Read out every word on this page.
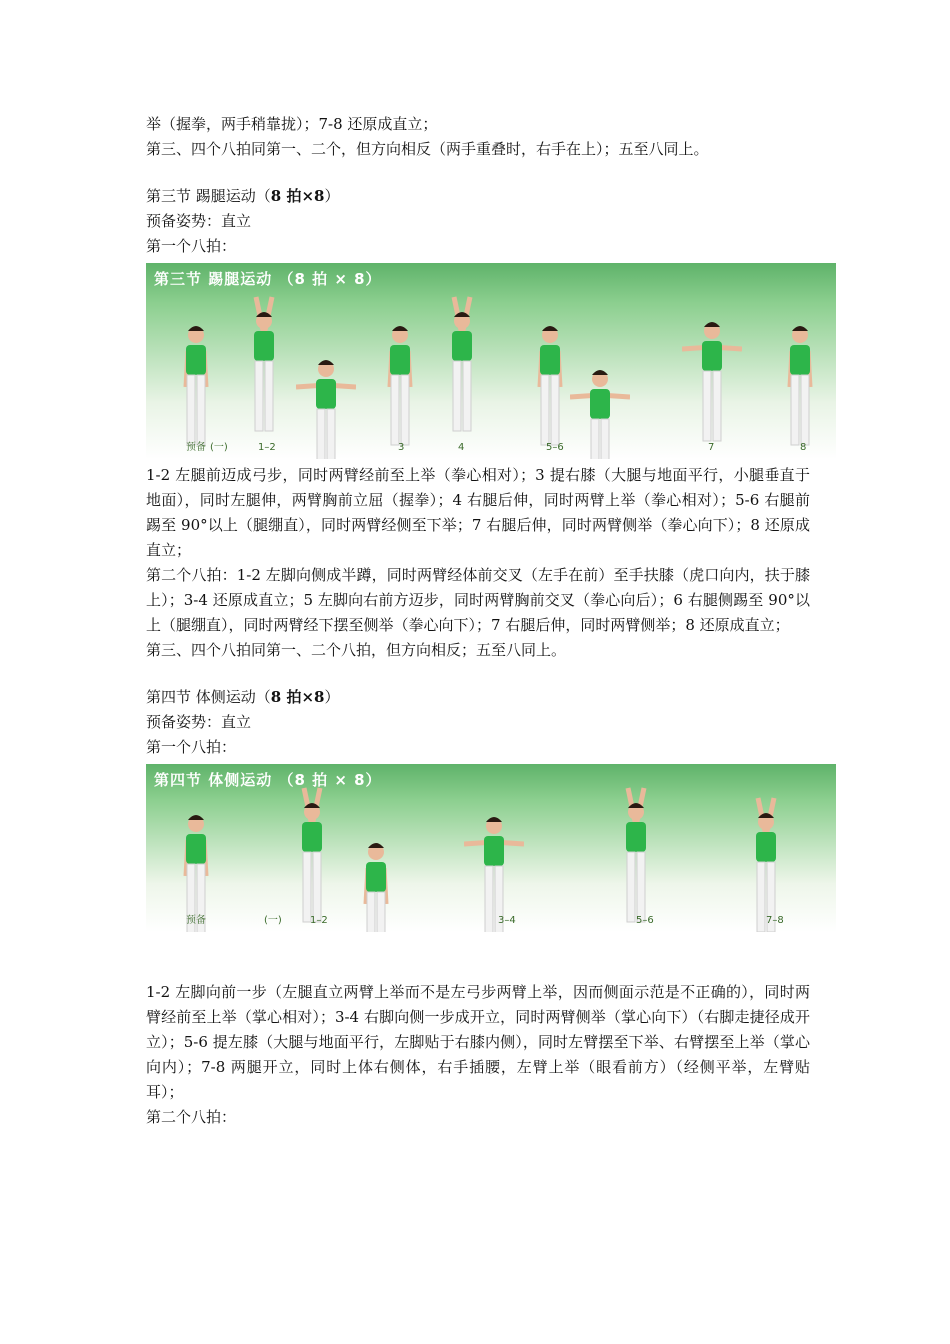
举（握拳，两手稍靠拢）；7-8 还原成直立；
第三、四个八拍同第一、二个，但方向相反（两手重叠时，右手在上）；五至八同上。
第三节 踢腿运动（8 拍×8）
预备姿势：直立
第一个八拍：
第三节 踢腿运动 （8 拍 × 8）
预备 (一)	1–2	3	4	5–6	7	8
1-2 左腿前迈成弓步，同时两臂经前至上举（拳心相对）；3 提右膝（大腿与地面平行，小腿垂直于地面），同时左腿伸，两臂胸前立屈（握拳）；4 右腿后伸，同时两臂上举（拳心相对）；5-6 右腿前踢至 90°以上（腿绷直），同时两臂经侧至下举；7 右腿后伸，同时两臂侧举（拳心向下）；8 还原成直立；
第二个八拍：1-2 左脚向侧成半蹲，同时两臂经体前交叉（左手在前）至手扶膝（虎口向内，扶于膝上）；3-4 还原成直立；5 左脚向右前方迈步，同时两臂胸前交叉（拳心向后）；6 右腿侧踢至 90°以上（腿绷直），同时两臂经下摆至侧举（拳心向下）；7 右腿后伸，同时两臂侧举；8 还原成直立；
第三、四个八拍同第一、二个八拍，但方向相反；五至八同上。
第四节 体侧运动（8 拍×8）
预备姿势：直立
第一个八拍：
第四节 体侧运动 （8 拍 × 8）
预备	(一)	1–2	3–4	5–6	7–8
1-2 左脚向前一步（左腿直立两臂上举而不是左弓步两臂上举，因而侧面示范是不正确的），同时两臂经前至上举（掌心相对）；3-4 右脚向侧一步成开立，同时两臂侧举（掌心向下）（右脚走捷径成开立）；5-6 提左膝（大腿与地面平行，左脚贴于右膝内侧），同时左臂摆至下举、右臂摆至上举（掌心向内）；7-8 两腿开立，同时上体右侧体，右手插腰，左臂上举（眼看前方）（经侧平举，左臂贴耳）；
第二个八拍：
